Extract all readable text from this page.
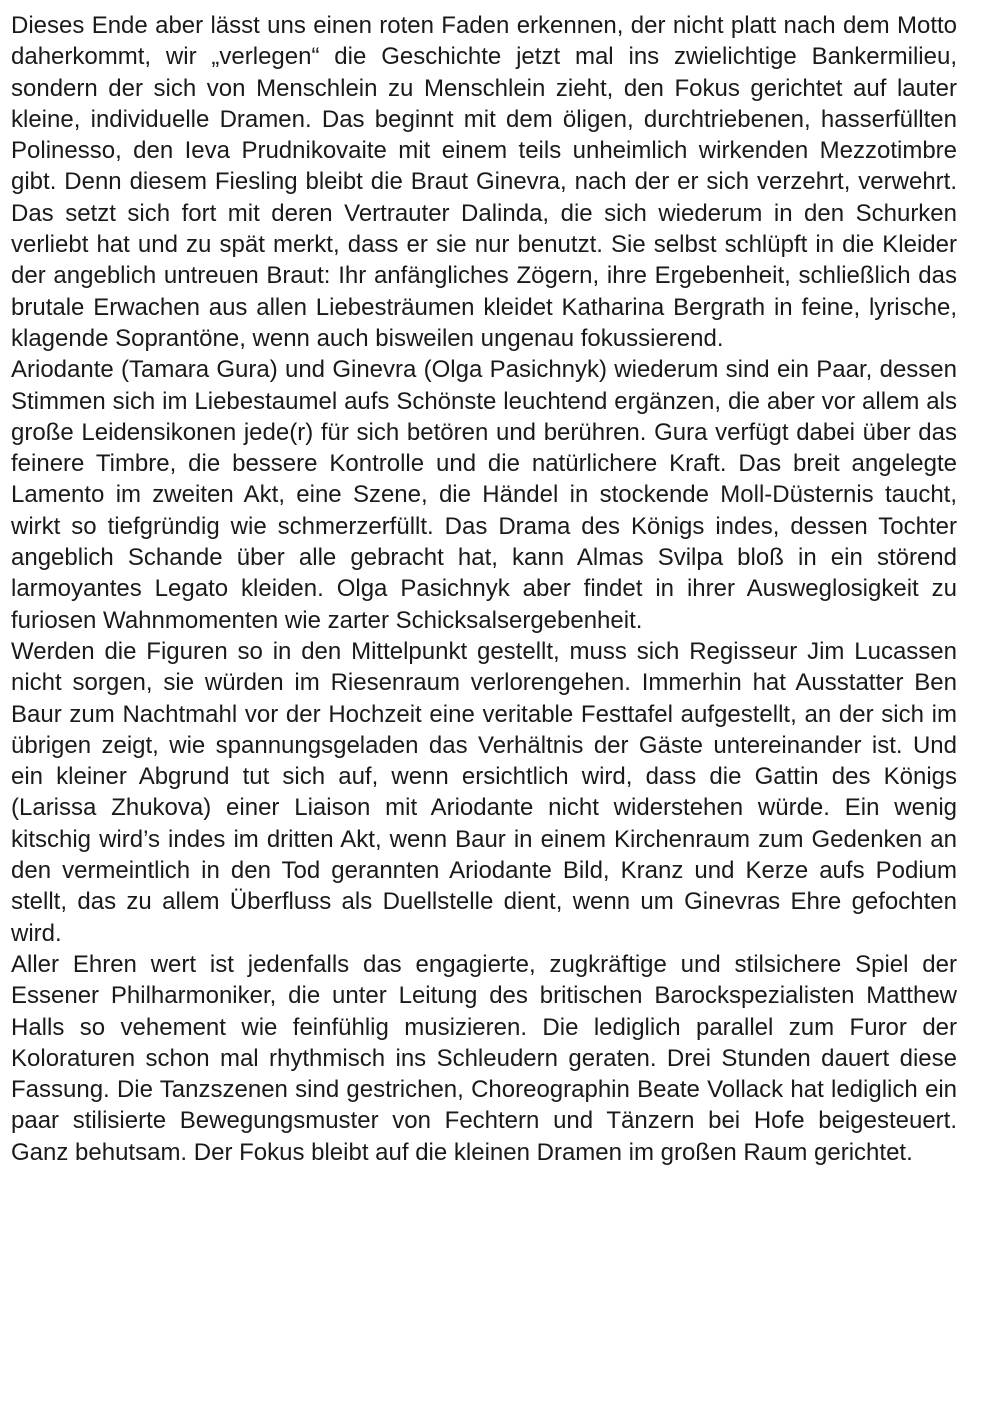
Dieses Ende aber lässt uns einen roten Faden erkennen, der nicht platt nach dem Motto daherkommt, wir „verlegen“ die Geschichte jetzt mal ins zwielichtige Bankermilieu, sondern der sich von Menschlein zu Menschlein zieht, den Fokus gerichtet auf lauter kleine, individuelle Dramen. Das beginnt mit dem öligen, durchtriebenen, hasserfüllten Polinesso, den Ieva Prudnikovaite mit einem teils unheimlich wirkenden Mezzotimbre gibt. Denn diesem Fiesling bleibt die Braut Ginevra, nach der er sich verzehrt, verwehrt. Das setzt sich fort mit deren Vertrauter Dalinda, die sich wiederum in den Schurken verliebt hat und zu spät merkt, dass er sie nur benutzt. Sie selbst schlüpft in die Kleider der angeblich untreuen Braut: Ihr anfängliches Zögern, ihre Ergebenheit, schließlich das brutale Erwachen aus allen Liebesträumen kleidet Katharina Bergrath in feine, lyrische, klagende Soprantöne, wenn auch bisweilen ungenau fokussierend.

Ariodante (Tamara Gura) und Ginevra (Olga Pasichnyk) wiederum sind ein Paar, dessen Stimmen sich im Liebestaumel aufs Schönste leuchtend ergänzen, die aber vor allem als große Leidensikonen jede(r) für sich betören und berühren. Gura verfügt dabei über das feinere Timbre, die bessere Kontrolle und die natürlichere Kraft. Das breit angelegte Lamento im zweiten Akt, eine Szene, die Händel in stockende Moll-Düsternis taucht, wirkt so tiefgründig wie schmerzerfüllt. Das Drama des Königs indes, dessen Tochter angeblich Schande über alle gebracht hat, kann Almas Svilpa bloß in ein störend larmoyantes Legato kleiden. Olga Pasichnyk aber findet in ihrer Ausweglosigkeit zu furiosen Wahnmomenten wie zarter Schicksalsergebenheit.

Werden die Figuren so in den Mittelpunkt gestellt, muss sich Regisseur Jim Lucassen nicht sorgen, sie würden im Riesenraum verlorengehen. Immerhin hat Ausstatter Ben Baur zum Nachtmahl vor der Hochzeit eine veritable Festtafel aufgestellt, an der sich im übrigen zeigt, wie spannungsgeladen das Verhältnis der Gäste untereinander ist. Und ein kleiner Abgrund tut sich auf, wenn ersichtlich wird, dass die Gattin des Königs (Larissa Zhukova) einer Liaison mit Ariodante nicht widerstehen würde. Ein wenig kitschig wird’s indes im dritten Akt, wenn Baur in einem Kirchenraum zum Gedenken an den vermeintlich in den Tod gerannten Ariodante Bild, Kranz und Kerze aufs Podium stellt, das zu allem Überfluss als Duellstelle dient, wenn um Ginevras Ehre gefochten wird.

Aller Ehren wert ist jedenfalls das engagierte, zugkräftige und stilsichere Spiel der Essener Philharmoniker, die unter Leitung des britischen Barockspezialisten Matthew Halls so vehement wie feinfühlig musizieren. Die lediglich parallel zum Furor der Koloraturen schon mal rhythmisch ins Schleudern geraten. Drei Stunden dauert diese Fassung. Die Tanzszenen sind gestrichen, Choreographin Beate Vollack hat lediglich ein paar stilisierte Bewegungsmuster von Fechtern und Tänzern bei Hofe beigesteuert. Ganz behutsam. Der Fokus bleibt auf die kleinen Dramen im großen Raum gerichtet.
